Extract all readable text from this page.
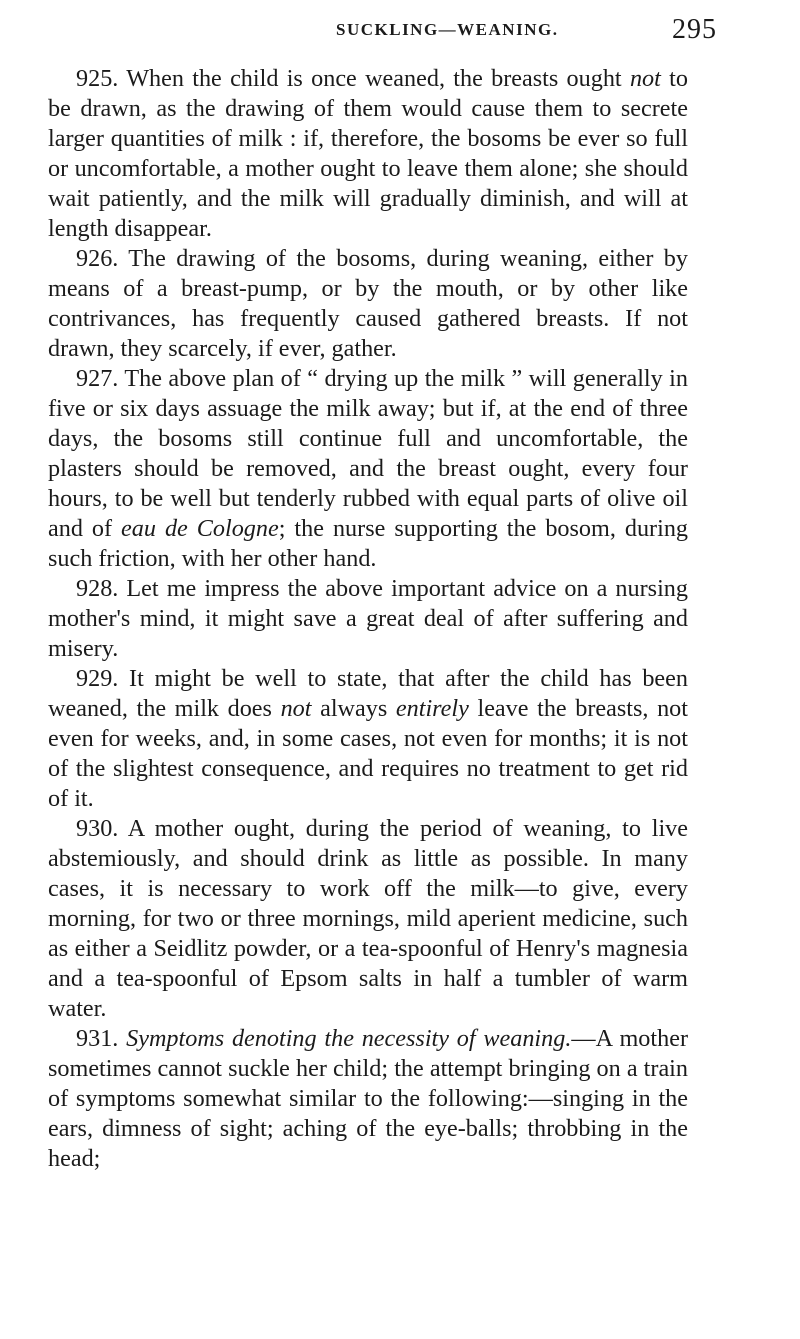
SUCKLING—WEANING.	295

925. When the child is once weaned, the breasts ought not to be drawn, as the drawing of them would cause them to secrete larger quantities of milk : if, therefore, the bosoms be ever so full or uncomfortable, a mother ought to leave them alone; she should wait patiently, and the milk will gradually diminish, and will at length disappear.

926. The drawing of the bosoms, during weaning, either by means of a breast-pump, or by the mouth, or by other like contrivances, has frequently caused gathered breasts. If not drawn, they scarcely, if ever, gather.

927. The above plan of “ drying up the milk ” will generally in five or six days assuage the milk away; but if, at the end of three days, the bosoms still continue full and uncomfortable, the plasters should be removed, and the breast ought, every four hours, to be well but tenderly rubbed with equal parts of olive oil and of eau de Cologne; the nurse supporting the bosom, during such friction, with her other hand.

928. Let me impress the above important advice on a nursing mother's mind, it might save a great deal of after suffering and misery.

929. It might be well to state, that after the child has been weaned, the milk does not always entirely leave the breasts, not even for weeks, and, in some cases, not even for months; it is not of the slightest consequence, and requires no treatment to get rid of it.

930. A mother ought, during the period of weaning, to live abstemiously, and should drink as little as possible. In many cases, it is necessary to work off the milk—to give, every morning, for two or three mornings, mild aperient medicine, such as either a Seidlitz powder, or a tea-spoonful of Henry's magnesia and a tea-spoonful of Epsom salts in half a tumbler of warm water.

931. Symptoms denoting the necessity of weaning.—A mother sometimes cannot suckle her child; the attempt bringing on a train of symptoms somewhat similar to the following:—singing in the ears, dimness of sight; aching of the eye-balls; throbbing in the head;
